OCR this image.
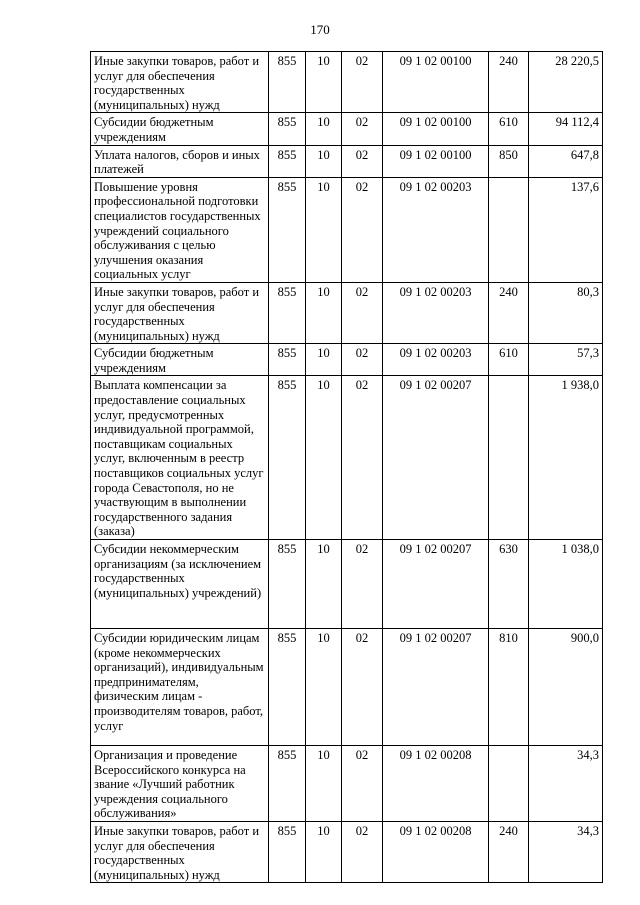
170
Иные закупки товаров, работ и услуг для обеспечения государственных (муниципальных) нужд	855	10	02	09 1 02 00100	240	28 220,5
Субсидии бюджетным учреждениям	855	10	02	09 1 02 00100	610	94 112,4
Уплата налогов, сборов и иных платежей	855	10	02	09 1 02 00100	850	647,8
Повышение уровня профессиональной подготовки специалистов государственных учреждений социального обслуживания с целью улучшения оказания социальных услуг	855	10	02	09 1 02 00203		137,6
Иные закупки товаров, работ и услуг для обеспечения государственных (муниципальных) нужд	855	10	02	09 1 02 00203	240	80,3
Субсидии бюджетным учреждениям	855	10	02	09 1 02 00203	610	57,3
Выплата компенсации за предоставление социальных услуг, предусмотренных индивидуальной программой, поставщикам социальных услуг, включенным в реестр поставщиков социальных услуг города Севастополя, но не участвующим в выполнении государственного задания (заказа)	855	10	02	09 1 02 00207		1 938,0
Субсидии некоммерческим организациям (за исключением государственных (муниципальных) учреждений)	855	10	02	09 1 02 00207	630	1 038,0
Субсидии юридическим лицам (кроме некоммерческих организаций), индивидуальным предпринимателям, физическим лицам - производителям товаров, работ, услуг	855	10	02	09 1 02 00207	810	900,0
Организация и проведение Всероссийского конкурса на звание «Лучший работник учреждения социального обслуживания»	855	10	02	09 1 02 00208		34,3
Иные закупки товаров, работ и услуг для обеспечения государственных (муниципальных) нужд	855	10	02	09 1 02 00208	240	34,3
